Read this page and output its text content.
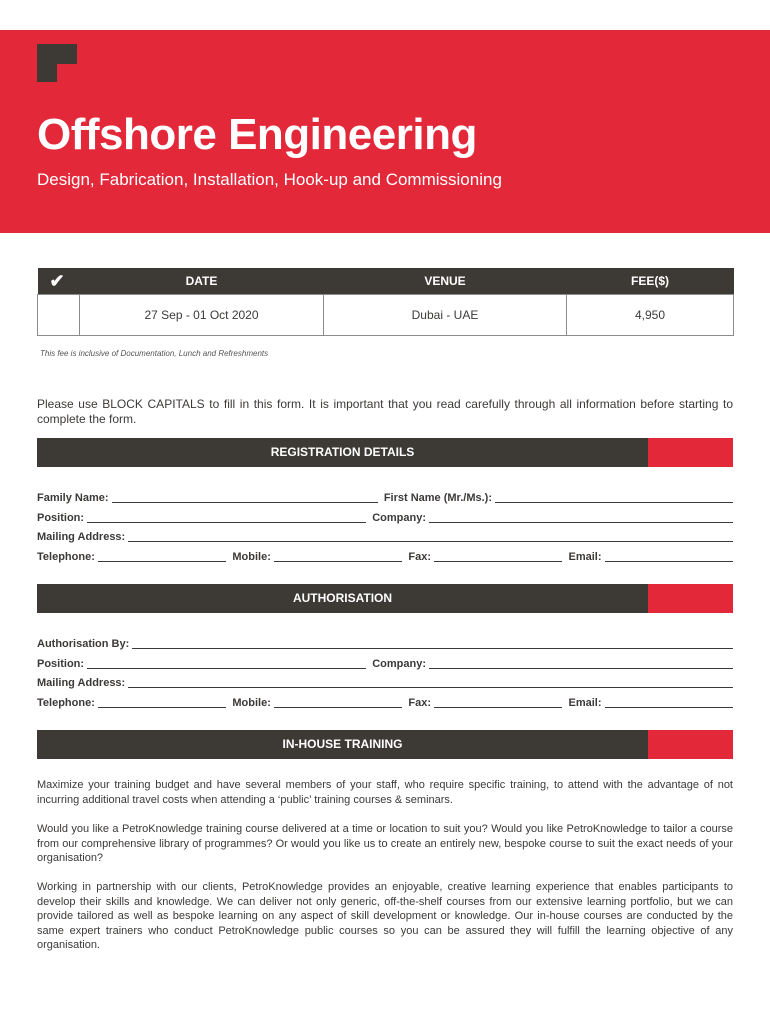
Offshore Engineering

Design, Fabrication, Installation, Hook-up and Commissioning

✔	DATE	VENUE	FEE($)
	27 Sep - 01 Oct 2020	Dubai - UAE	4,950
This fee is inclusive of Documentation, Lunch and Refreshments

Please use BLOCK CAPITALS to fill in this form. It is important that you read carefully through all information before starting to complete the form.

REGISTRATION DETAILS
Family Name:	First Name (Mr./Ms.):
Position:	Company:
Mailing Address:
Telephone:	Mobile:	Fax:	Email:
AUTHORISATION
Authorisation By:
Position:	Company:
Mailing Address:
Telephone:	Mobile:	Fax:	Email:
IN-HOUSE TRAINING

Maximize your training budget and have several members of your staff, who require specific training, to attend with the advantage of not incurring additional travel costs when attending a ‘public’ training courses & seminars.

Would you like a PetroKnowledge training course delivered at a time or location to suit you? Would you like PetroKnowledge to tailor a course from our comprehensive library of programmes? Or would you like us to create an entirely new, bespoke course to suit the exact needs of your organisation?

Working in partnership with our clients, PetroKnowledge provides an enjoyable, creative learning experience that enables participants to develop their skills and knowledge. We can deliver not only generic, off-the-shelf courses from our extensive learning portfolio, but we can provide tailored as well as bespoke learning on any aspect of skill development or knowledge. Our in-house courses are conducted by the same expert trainers who conduct PetroKnowledge public courses so you can be assured they will fulfill the learning objective of any organisation.
